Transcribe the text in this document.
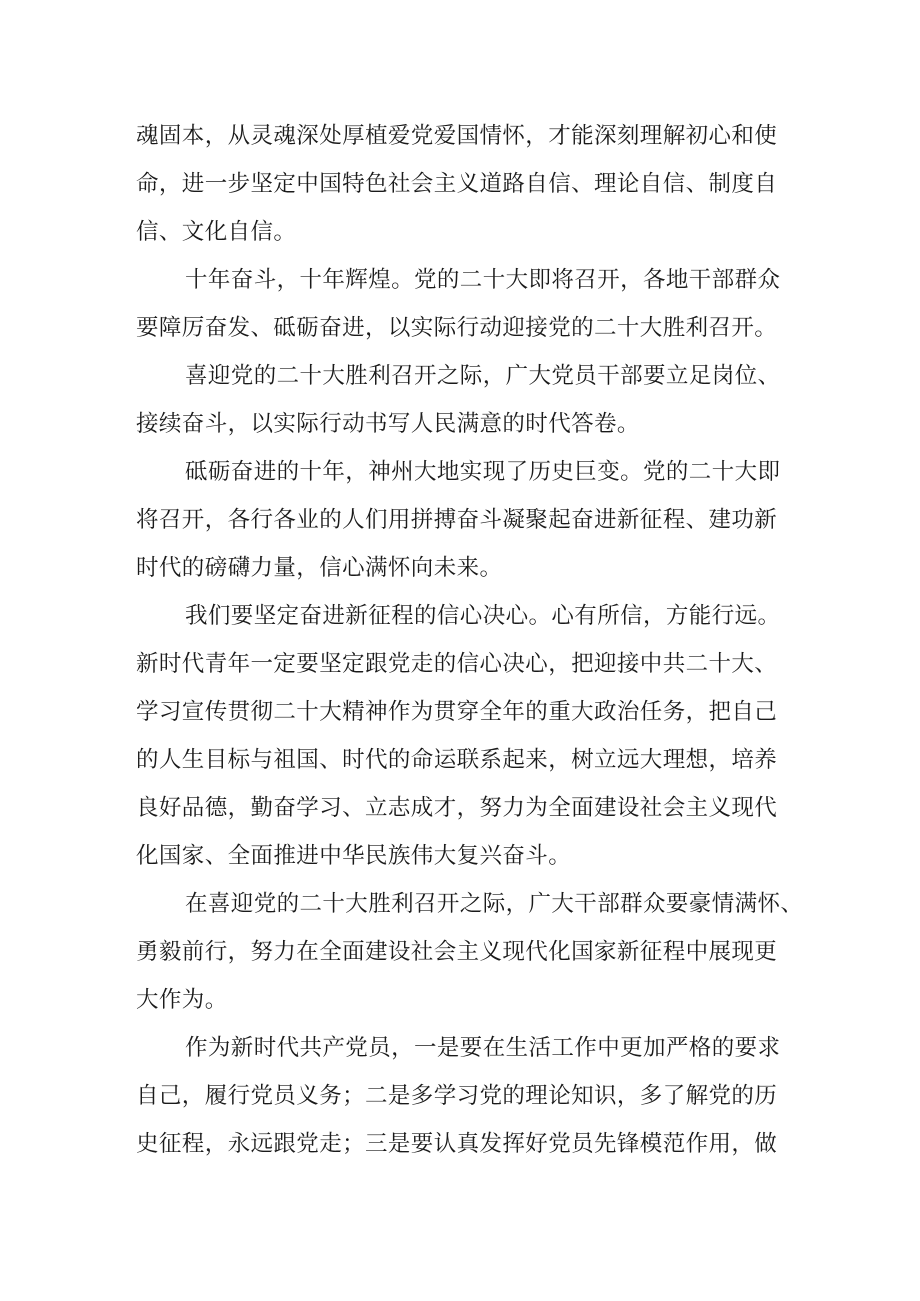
魂固本，从灵魂深处厚植爱党爱国情怀，才能深刻理解初心和使
命，进一步坚定中国特色社会主义道路自信、理论自信、制度自
信、文化自信。

十年奋斗，十年辉煌。党的二十大即将召开，各地干部群众
要障厉奋发、砥砺奋进，以实际行动迎接党的二十大胜利召开。

喜迎党的二十大胜利召开之际，广大党员干部要立足岗位、
接续奋斗，以实际行动书写人民满意的时代答卷。

砥砺奋进的十年，神州大地实现了历史巨变。党的二十大即
将召开，各行各业的人们用拼搏奋斗凝聚起奋进新征程、建功新
时代的磅礴力量，信心满怀向未来。

我们要坚定奋进新征程的信心决心。心有所信，方能行远。
新时代青年一定要坚定跟党走的信心决心，把迎接中共二十大、
学习宣传贯彻二十大精神作为贯穿全年的重大政治任务，把自己
的人生目标与祖国、时代的命运联系起来，树立远大理想，培养
良好品德，勤奋学习、立志成才，努力为全面建设社会主义现代
化国家、全面推进中华民族伟大复兴奋斗。

在喜迎党的二十大胜利召开之际，广大干部群众要豪情满怀、
勇毅前行，努力在全面建设社会主义现代化国家新征程中展现更
大作为。

作为新时代共产党员，一是要在生活工作中更加严格的要求
自己，履行党员义务；二是多学习党的理论知识，多了解党的历
史征程，永远跟党走；三是要认真发挥好党员先锋模范作用，做
